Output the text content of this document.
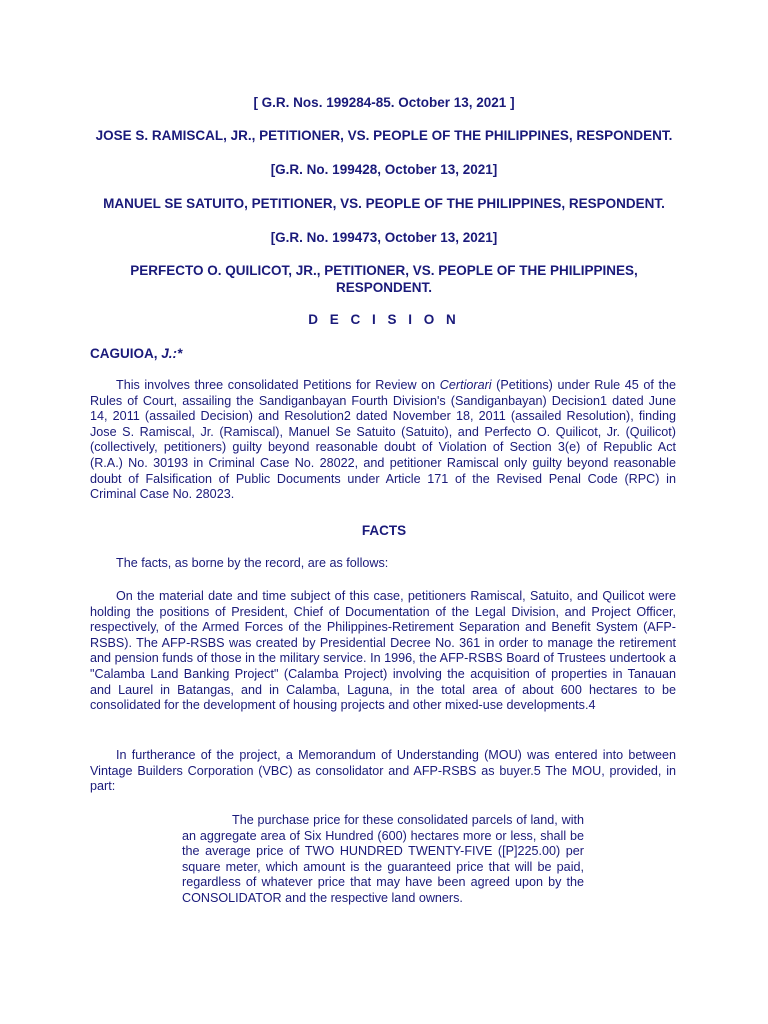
[ G.R. Nos. 199284-85. October 13, 2021 ]
JOSE S. RAMISCAL, JR., PETITIONER, VS. PEOPLE OF THE PHILIPPINES, RESPONDENT.
[G.R. No. 199428, October 13, 2021]
MANUEL SE SATUITO, PETITIONER, VS. PEOPLE OF THE PHILIPPINES, RESPONDENT.
[G.R. No. 199473, October 13, 2021]
PERFECTO O. QUILICOT, JR., PETITIONER, VS. PEOPLE OF THE PHILIPPINES, RESPONDENT.
D E C I S I O N
CAGUIOA, J.:*
This involves three consolidated Petitions for Review on Certiorari (Petitions) under Rule 45 of the Rules of Court, assailing the Sandiganbayan Fourth Division's (Sandiganbayan) Decision1 dated June 14, 2011 (assailed Decision) and Resolution2 dated November 18, 2011 (assailed Resolution), finding Jose S. Ramiscal, Jr. (Ramiscal), Manuel Se Satuito (Satuito), and Perfecto O. Quilicot, Jr. (Quilicot) (collectively, petitioners) guilty beyond reasonable doubt of Violation of Section 3(e) of Republic Act (R.A.) No. 30193 in Criminal Case No. 28022, and petitioner Ramiscal only guilty beyond reasonable doubt of Falsification of Public Documents under Article 171 of the Revised Penal Code (RPC) in Criminal Case No. 28023.
FACTS
The facts, as borne by the record, are as follows:
On the material date and time subject of this case, petitioners Ramiscal, Satuito, and Quilicot were holding the positions of President, Chief of Documentation of the Legal Division, and Project Officer, respectively, of the Armed Forces of the Philippines-Retirement Separation and Benefit System (AFP-RSBS). The AFP-RSBS was created by Presidential Decree No. 361 in order to manage the retirement and pension funds of those in the military service. In 1996, the AFP-RSBS Board of Trustees undertook a "Calamba Land Banking Project" (Calamba Project) involving the acquisition of properties in Tanauan and Laurel in Batangas, and in Calamba, Laguna, in the total area of about 600 hectares to be consolidated for the development of housing projects and other mixed-use developments.4
In furtherance of the project, a Memorandum of Understanding (MOU) was entered into between Vintage Builders Corporation (VBC) as consolidator and AFP-RSBS as buyer.5 The MOU, provided, in part:
The purchase price for these consolidated parcels of land, with an aggregate area of Six Hundred (600) hectares more or less, shall be the average price of TWO HUNDRED TWENTY-FIVE ([P]225.00) per square meter, which amount is the guaranteed price that will be paid, regardless of whatever price that may have been agreed upon by the CONSOLIDATOR and the respective land owners.
